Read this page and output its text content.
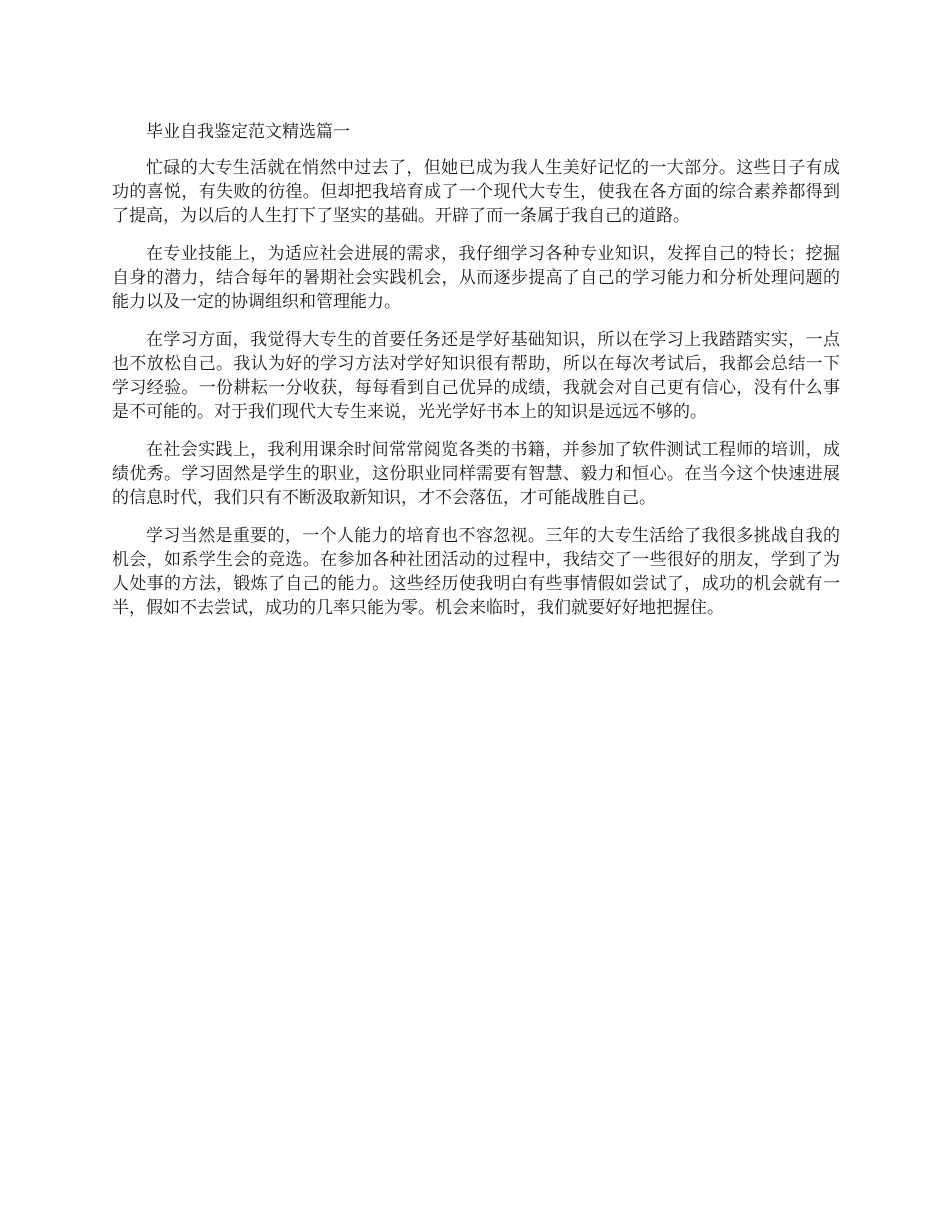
毕业自我鉴定范文精选篇一

忙碌的大专生活就在悄然中过去了，但她已成为我人生美好记忆的一大部分。这些日子有成功的喜悦，有失败的彷徨。但却把我培育成了一个现代大专生，使我在各方面的综合素养都得到了提高，为以后的人生打下了坚实的基础。开辟了而一条属于我自己的道路。

在专业技能上，为适应社会进展的需求，我仔细学习各种专业知识，发挥自己的特长；挖掘自身的潜力，结合每年的暑期社会实践机会，从而逐步提高了自己的学习能力和分析处理问题的能力以及一定的协调组织和管理能力。

在学习方面，我觉得大专生的首要任务还是学好基础知识，所以在学习上我踏踏实实，一点也不放松自己。我认为好的学习方法对学好知识很有帮助，所以在每次考试后，我都会总结一下学习经验。一份耕耘一分收获，每每看到自己优异的成绩，我就会对自己更有信心，没有什么事是不可能的。对于我们现代大专生来说，光光学好书本上的知识是远远不够的。

在社会实践上，我利用课余时间常常阅览各类的书籍，并参加了软件测试工程师的培训，成绩优秀。学习固然是学生的职业，这份职业同样需要有智慧、毅力和恒心。在当今这个快速进展的信息时代，我们只有不断汲取新知识，才不会落伍，才可能战胜自己。

学习当然是重要的，一个人能力的培育也不容忽视。三年的大专生活给了我很多挑战自我的机会，如系学生会的竞选。在参加各种社团活动的过程中，我结交了一些很好的朋友，学到了为人处事的方法，锻炼了自己的能力。这些经历使我明白有些事情假如尝试了，成功的机会就有一半，假如不去尝试，成功的几率只能为零。机会来临时，我们就要好好地把握住。
